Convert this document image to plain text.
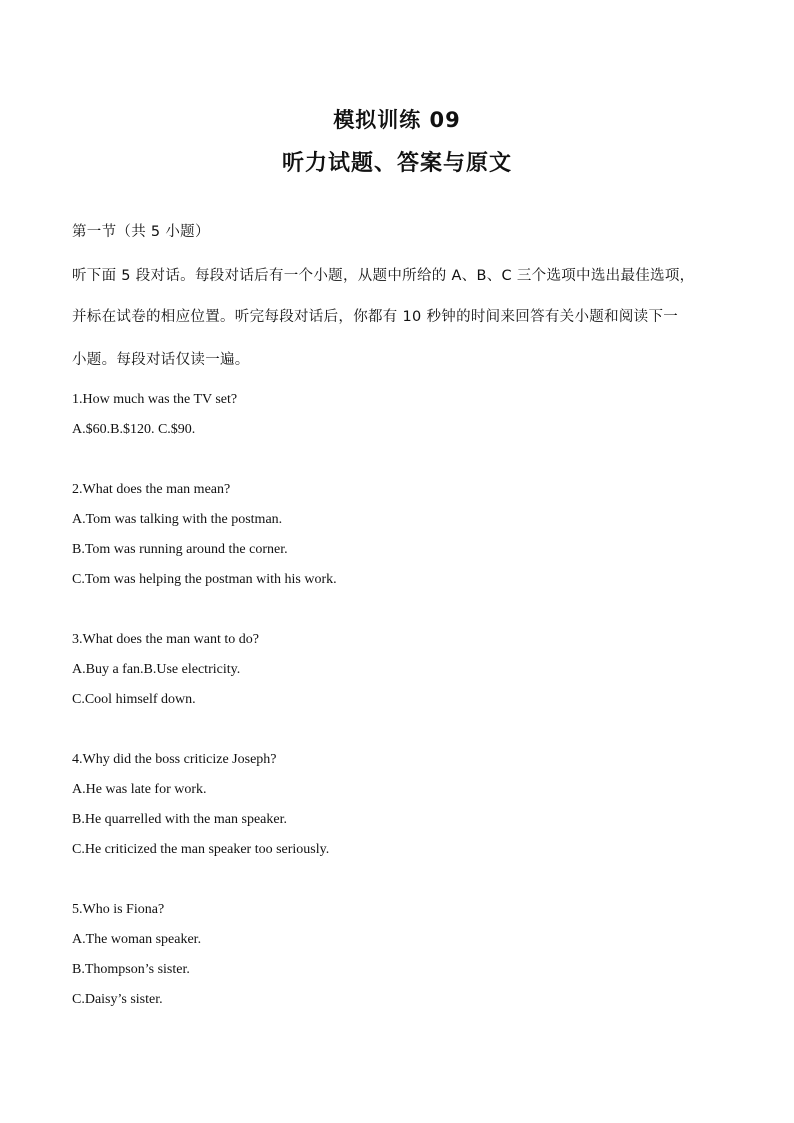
模拟训练 09
听力试题、答案与原文

第一节（共 5 小题）

听下面 5 段对话。每段对话后有一个小题，从题中所给的 A、B、C 三个选项中选出最佳选项，

并标在试卷的相应位置。听完每段对话后，你都有 10 秒钟的时间来回答有关小题和阅读下一

小题。每段对话仅读一遍。

1.How much was the TV set?

A.$60.B.$120. C.$90.

2.What does the man mean?

A.Tom was talking with the postman.

B.Tom was running around the corner.

C.Tom was helping the postman with his work.

3.What does the man want to do?

A.Buy a fan.B.Use electricity.

C.Cool himself down.

4.Why did the boss criticize Joseph?

A.He was late for work.

B.He quarrelled with the man speaker.

C.He criticized the man speaker too seriously.

5.Who is Fiona?

A.The woman speaker.

B.Thompson’s sister.

C.Daisy’s sister.
